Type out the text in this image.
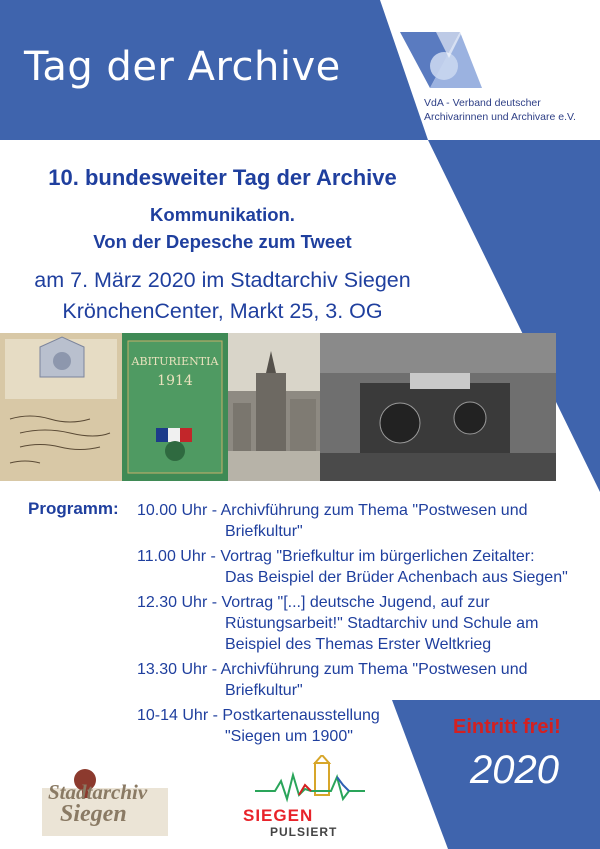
Tag der Archive
VdA - Verband deutscher
Archivarinnen und Archivare e.V.
10. bundesweiter Tag der Archive
Kommunikation.
Von der Depesche zum Tweet
am 7. März 2020 im Stadtarchiv Siegen
KrönchenCenter, Markt 25, 3. OG
ABITURIENTIA
1914
Programm: 10.00 Uhr - Archivführung zum Thema "Postwesen und
Briefkultur"
11.00 Uhr - Vortrag "Briefkultur im bürgerlichen Zeitalter:
Das Beispiel der Brüder Achenbach aus Siegen"
12.30 Uhr - Vortrag "[...] deutsche Jugend, auf zur
Rüstungsarbeit!" Stadtarchiv und Schule am
Beispiel des Themas Erster Weltkrieg
13.30 Uhr - Archivführung zum Thema "Postwesen und
Briefkultur"
10-14 Uhr - Postkartenausstellung
"Siegen um 1900"	Eintritt frei!
2020
Stadtarchiv
Siegen	SIEGEN
PULSIERT
